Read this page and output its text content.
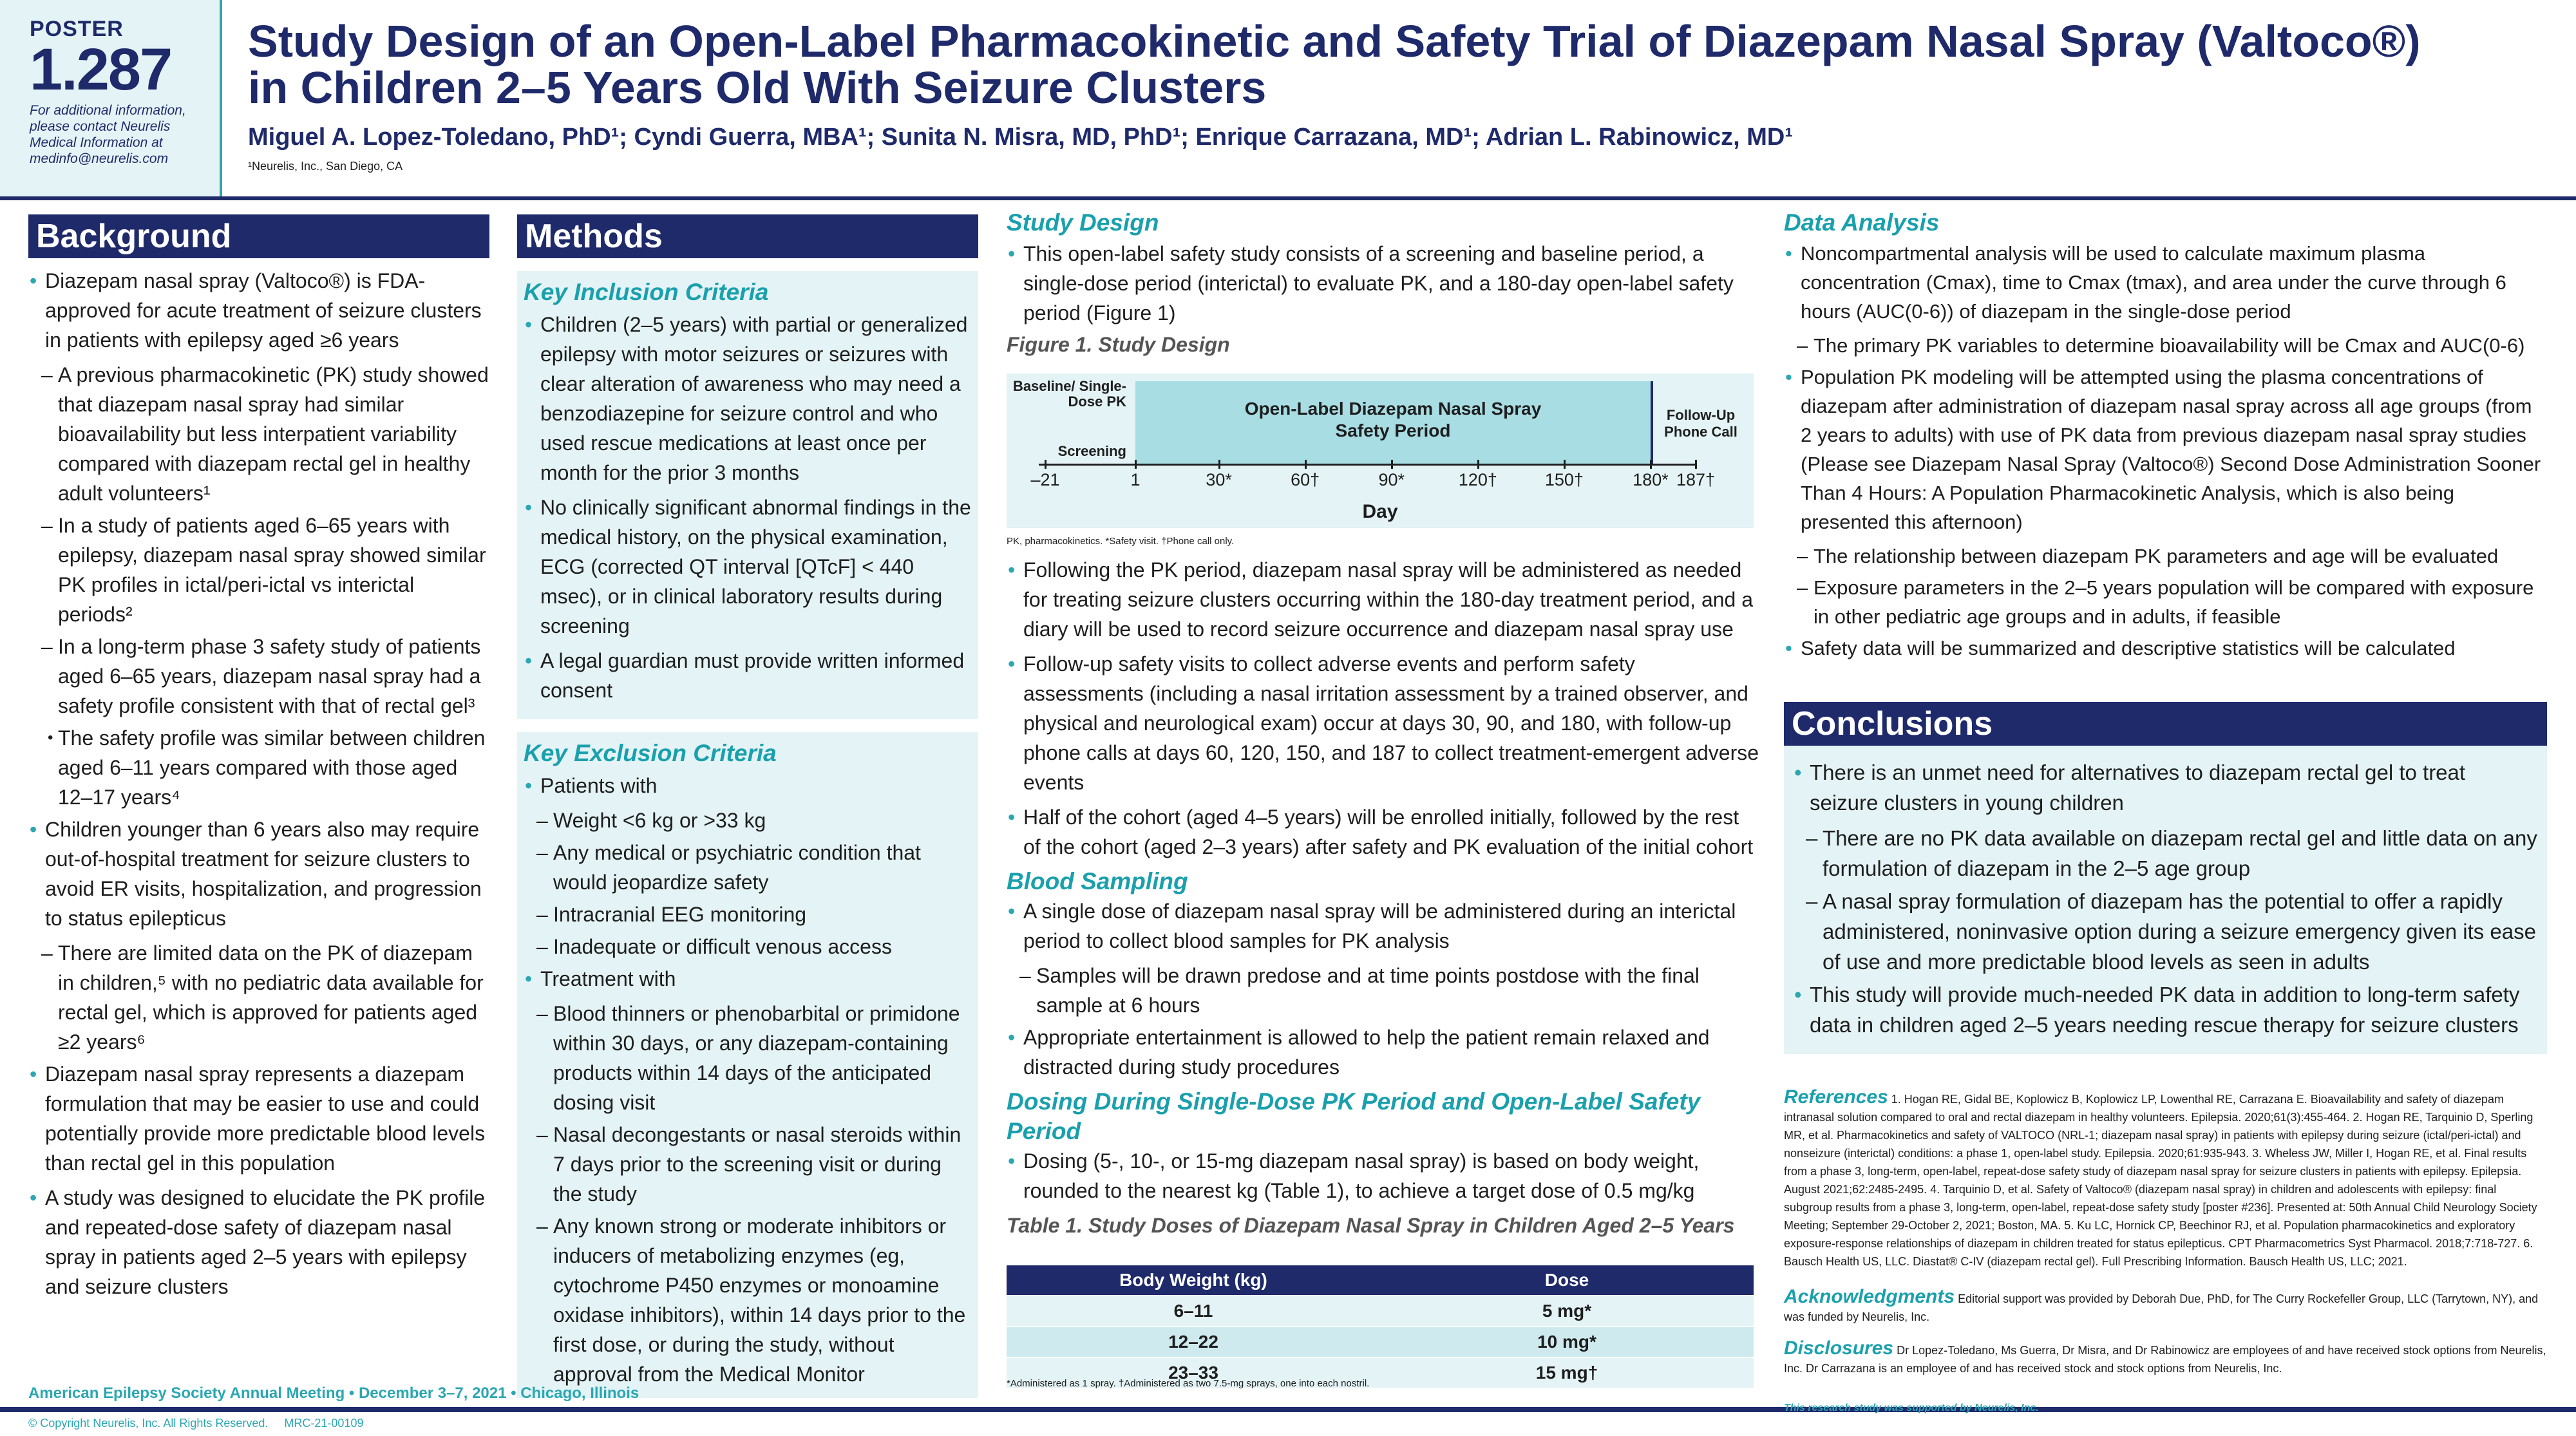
POSTER
1.287
For additional information, please contact Neurelis Medical Information at medinfo@neurelis.com
Study Design of an Open-Label Pharmacokinetic and Safety Trial of Diazepam Nasal Spray (Valtoco®)
in Children 2–5 Years Old With Seizure Clusters
Miguel A. Lopez-Toledano, PhD¹; Cyndi Guerra, MBA¹; Sunita N. Misra, MD, PhD¹; Enrique Carrazana, MD¹; Adrian L. Rabinowicz, MD¹
¹Neurelis, Inc., San Diego, CA
Background
• Diazepam nasal spray (Valtoco®) is FDA-approved for acute treatment of seizure clusters in patients with epilepsy aged ≥6 years
– A previous pharmacokinetic (PK) study showed that diazepam nasal spray had similar bioavailability but less interpatient variability compared with diazepam rectal gel in healthy adult volunteers¹
– In a study of patients aged 6–65 years with epilepsy, diazepam nasal spray showed similar PK profiles in ictal/peri-ictal vs interictal periods²
– In a long-term phase 3 safety study of patients aged 6–65 years, diazepam nasal spray had a safety profile consistent with that of rectal gel³
• The safety profile was similar between children aged 6–11 years compared with those aged 12–17 years⁴
• Children younger than 6 years also may require out-of-hospital treatment for seizure clusters to avoid ER visits, hospitalization, and progression to status epilepticus
– There are limited data on the PK of diazepam in children,⁵ with no pediatric data available for rectal gel, which is approved for patients aged ≥2 years⁶
• Diazepam nasal spray represents a diazepam formulation that may be easier to use and could potentially provide more predictable blood levels than rectal gel in this population
• A study was designed to elucidate the PK profile and repeated-dose safety of diazepam nasal spray in patients aged 2–5 years with epilepsy and seizure clusters
Methods
Key Inclusion Criteria
• Children (2–5 years) with partial or generalized epilepsy with motor seizures or seizures with clear alteration of awareness who may need a benzodiazepine for seizure control and who used rescue medications at least once per month for the prior 3 months
• No clinically significant abnormal findings in the medical history, on the physical examination, ECG (corrected QT interval [QTcF] < 440 msec), or in clinical laboratory results during screening
• A legal guardian must provide written informed consent
Key Exclusion Criteria
• Patients with
– Weight <6 kg or >33 kg
– Any medical or psychiatric condition that would jeopardize safety
– Intracranial EEG monitoring
– Inadequate or difficult venous access
• Treatment with
– Blood thinners or phenobarbital or primidone within 30 days, or any diazepam-containing products within 14 days of the anticipated dosing visit
– Nasal decongestants or nasal steroids within 7 days prior to the screening visit or during the study
– Any known strong or moderate inhibitors or inducers of metabolizing enzymes (eg, cytochrome P450 enzymes or monoamine oxidase inhibitors), within 14 days prior to the first dose, or during the study, without approval from the Medical Monitor
Study Design
• This open-label safety study consists of a screening and baseline period, a single-dose period (interictal) to evaluate PK, and a 180-day open-label safety period (Figure 1)
Figure 1. Study Design
Baseline/ Single-Dose PK
Screening
Open-Label Diazepam Nasal Spray Safety Period
Follow-Up Phone Call
–21	1	30*	60†	90*	120†	150†	180* 187†
Day
PK, pharmacokinetics. *Safety visit. †Phone call only.
• Following the PK period, diazepam nasal spray will be administered as needed for treating seizure clusters occurring within the 180-day treatment period, and a diary will be used to record seizure occurrence and diazepam nasal spray use
• Follow-up safety visits to collect adverse events and perform safety assessments (including a nasal irritation assessment by a trained observer, and physical and neurological exam) occur at days 30, 90, and 180, with follow-up phone calls at days 60, 120, 150, and 187 to collect treatment-emergent adverse events
• Half of the cohort (aged 4–5 years) will be enrolled initially, followed by the rest of the cohort (aged 2–3 years) after safety and PK evaluation of the initial cohort
Blood Sampling
• A single dose of diazepam nasal spray will be administered during an interictal period to collect blood samples for PK analysis
– Samples will be drawn predose and at time points postdose with the final sample at 6 hours
• Appropriate entertainment is allowed to help the patient remain relaxed and distracted during study procedures
Dosing During Single-Dose PK Period and Open-Label Safety Period
• Dosing (5-, 10-, or 15-mg diazepam nasal spray) is based on body weight, rounded to the nearest kg (Table 1), to achieve a target dose of 0.5 mg/kg
Table 1. Study Doses of Diazepam Nasal Spray in Children Aged 2–5 Years
Body Weight (kg)	Dose
6–11	5 mg*
12–22	10 mg*
23–33	15 mg†
*Administered as 1 spray. †Administered as two 7.5-mg sprays, one into each nostril.
Data Analysis
• Noncompartmental analysis will be used to calculate maximum plasma concentration (Cmax), time to Cmax (tmax), and area under the curve through 6 hours (AUC(0-6)) of diazepam in the single-dose period
– The primary PK variables to determine bioavailability will be Cmax and AUC(0-6)
• Population PK modeling will be attempted using the plasma concentrations of diazepam after administration of diazepam nasal spray across all age groups (from 2 years to adults) with use of PK data from previous diazepam nasal spray studies (Please see Diazepam Nasal Spray (Valtoco®) Second Dose Administration Sooner Than 4 Hours: A Population Pharmacokinetic Analysis, which is also being presented this afternoon)
– The relationship between diazepam PK parameters and age will be evaluated
– Exposure parameters in the 2–5 years population will be compared with exposure in other pediatric age groups and in adults, if feasible
• Safety data will be summarized and descriptive statistics will be calculated
Conclusions
• There is an unmet need for alternatives to diazepam rectal gel to treat seizure clusters in young children
– There are no PK data available on diazepam rectal gel and little data on any formulation of diazepam in the 2–5 age group
– A nasal spray formulation of diazepam has the potential to offer a rapidly administered, noninvasive option during a seizure emergency given its ease of use and more predictable blood levels as seen in adults
• This study will provide much-needed PK data in addition to long-term safety data in children aged 2–5 years needing rescue therapy for seizure clusters
References 1. Hogan RE, Gidal BE, Koplowicz B, Koplowicz LP, Lowenthal RE, Carrazana E. Bioavailability and safety of diazepam intranasal solution compared to oral and rectal diazepam in healthy volunteers. Epilepsia. 2020;61(3):455-464. 2. Hogan RE, Tarquinio D, Sperling MR, et al. Pharmacokinetics and safety of VALTOCO (NRL-1; diazepam nasal spray) in patients with epilepsy during seizure (ictal/peri-ictal) and nonseizure (interictal) conditions: a phase 1, open-label study. Epilepsia. 2020;61:935-943. 3. Wheless JW, Miller I, Hogan RE, et al. Final results from a phase 3, long-term, open-label, repeat-dose safety study of diazepam nasal spray for seizure clusters in patients with epilepsy. Epilepsia. August 2021;62:2485-2495. 4. Tarquinio D, et al. Safety of Valtoco® (diazepam nasal spray) in children and adolescents with epilepsy: final subgroup results from a phase 3, long-term, open-label, repeat-dose safety study [poster #236]. Presented at: 50th Annual Child Neurology Society Meeting; September 29-October 2, 2021; Boston, MA. 5. Ku LC, Hornick CP, Beechinor RJ, et al. Population pharmacokinetics and exploratory exposure-response relationships of diazepam in children treated for status epilepticus. CPT Pharmacometrics Syst Pharmacol. 2018;7:718-727. 6. Bausch Health US, LLC. Diastat® C-IV (diazepam rectal gel). Full Prescribing Information. Bausch Health US, LLC; 2021.
Acknowledgments Editorial support was provided by Deborah Due, PhD, for The Curry Rockefeller Group, LLC (Tarrytown, NY), and was funded by Neurelis, Inc.
Disclosures Dr Lopez-Toledano, Ms Guerra, Dr Misra, and Dr Rabinowicz are employees of and have received stock options from Neurelis, Inc. Dr Carrazana is an employee of and has received stock and stock options from Neurelis, Inc.
American Epilepsy Society Annual Meeting • December 3–7, 2021 • Chicago, Illinois
© Copyright Neurelis, Inc. All Rights Reserved.     MRC-21-00109
This research study was supported by Neurelis, Inc.
